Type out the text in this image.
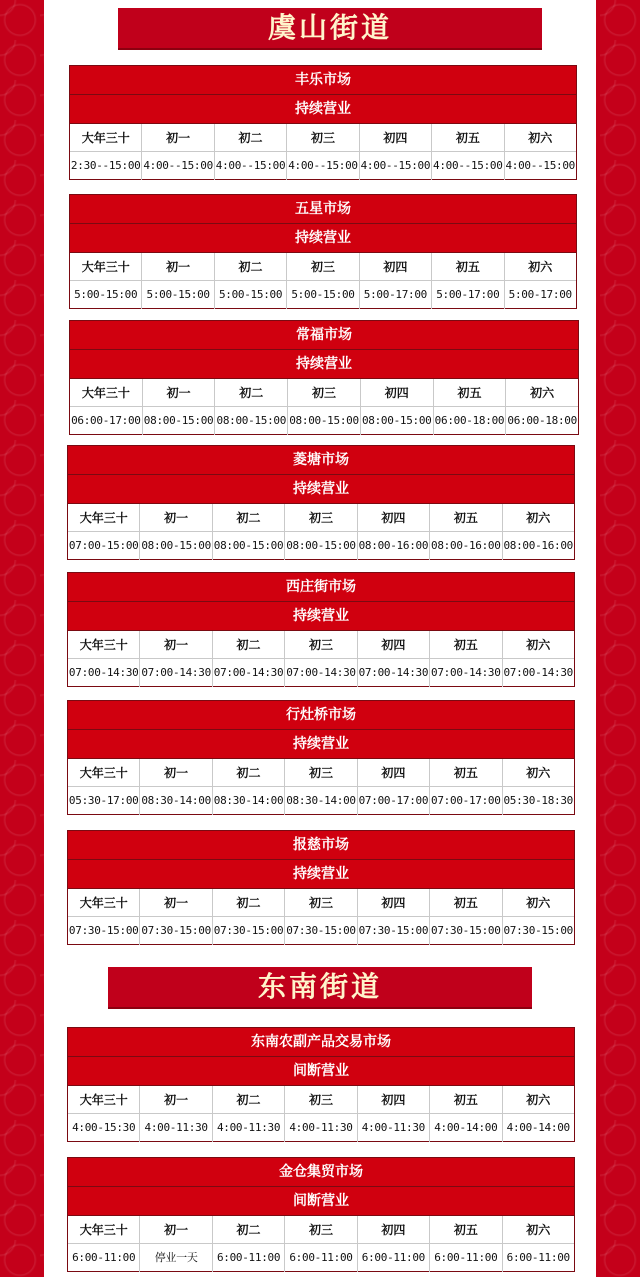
虞山街道
东南街道
丰乐市场
持续营业
大年三十	初一	初二	初三	初四	初五	初六
2:30--15:00 4:00--15:00 4:00--15:00 4:00--15:00 4:00--15:00 4:00--15:00 4:00--15:00
五星市场
持续营业
大年三十	初一	初二	初三	初四	初五	初六
5:00-15:00 5:00-15:00 5:00-15:00 5:00-15:00 5:00-17:00 5:00-17:00 5:00-17:00
常福市场
持续营业
大年三十	初一	初二	初三	初四	初五	初六
06:00-17:00 08:00-15:00 08:00-15:00 08:00-15:00 08:00-15:00 06:00-18:00 06:00-18:00
菱塘市场
持续营业
大年三十	初一	初二	初三	初四	初五	初六
07:00-15:00 08:00-15:00 08:00-15:00 08:00-15:00 08:00-16:00 08:00-16:00 08:00-16:00
西庄街市场
持续营业
大年三十	初一	初二	初三	初四	初五	初六
07:00-14:30 07:00-14:30 07:00-14:30 07:00-14:30 07:00-14:30 07:00-14:30 07:00-14:30
行灶桥市场
持续营业
大年三十	初一	初二	初三	初四	初五	初六
05:30-17:00 08:30-14:00 08:30-14:00 08:30-14:00 07:00-17:00 07:00-17:00 05:30-18:30
报慈市场
持续营业
大年三十	初一	初二	初三	初四	初五	初六
07:30-15:00 07:30-15:00 07:30-15:00 07:30-15:00 07:30-15:00 07:30-15:00 07:30-15:00
东南农副产品交易市场
间断营业
大年三十	初一	初二	初三	初四	初五	初六
4:00-15:30 4:00-11:30 4:00-11:30 4:00-11:30 4:00-11:30 4:00-14:00 4:00-14:00
金仓集贸市场
间断营业
大年三十	初一	初二	初三	初四	初五	初六
6:00-11:00	停业一天	6:00-11:00 6:00-11:00 6:00-11:00 6:00-11:00 6:00-11:00
